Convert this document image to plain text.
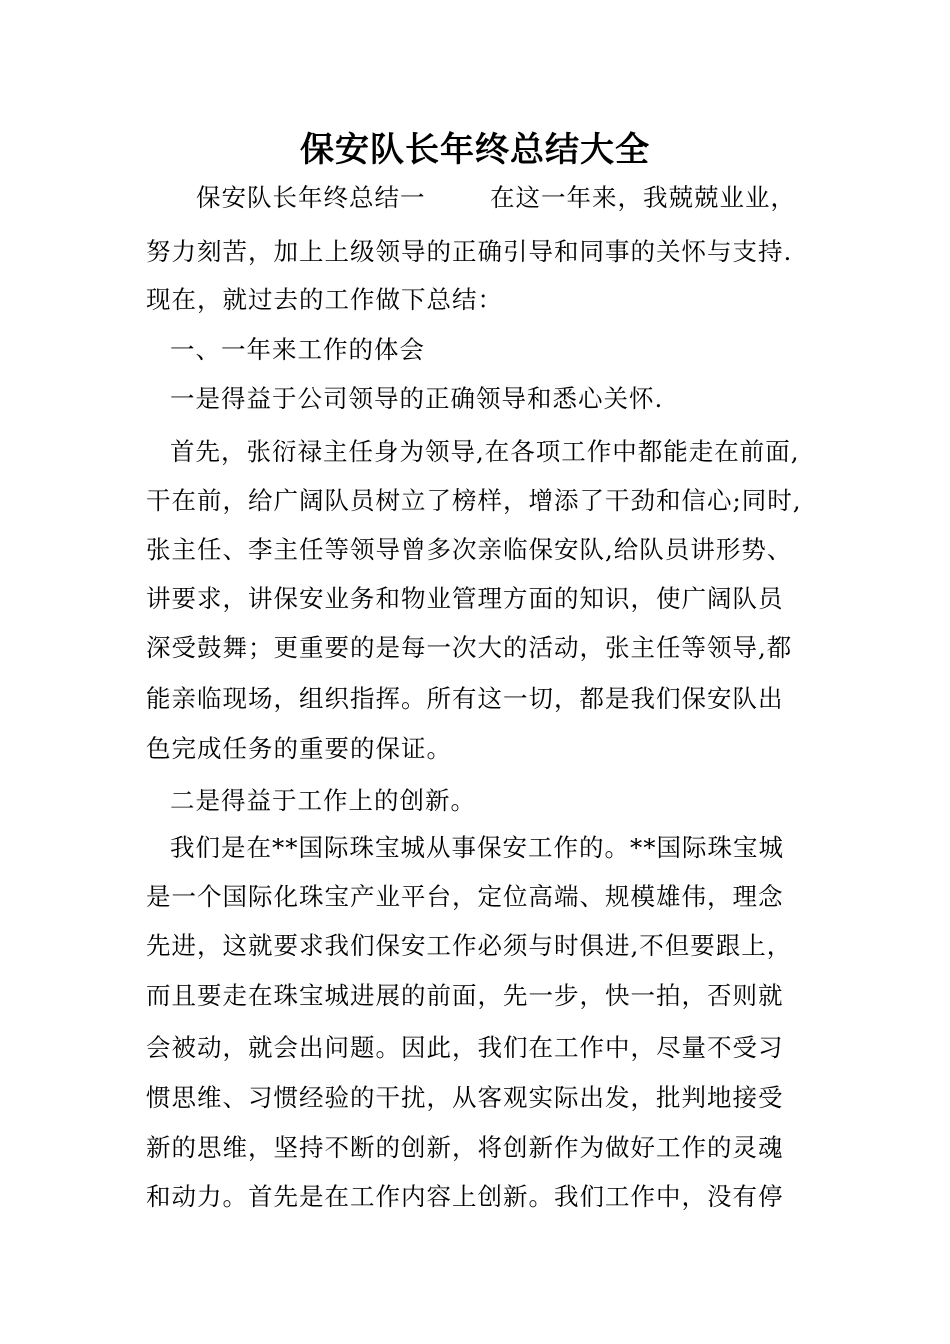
保安队长年终总结大全
保安队长年终总结一	在这一年来，我兢兢业业，
努力刻苦，加上上级领导的正确引导和同事的关怀与支持.
现在，就过去的工作做下总结：
一、一年来工作的体会
一是得益于公司领导的正确领导和悉心关怀.
首先，张衍禄主任身为领导,在各项工作中都能走在前面,
干在前，给广阔队员树立了榜样，增添了干劲和信心;同时,
张主任、李主任等领导曾多次亲临保安队,给队员讲形势、
讲要求，讲保安业务和物业管理方面的知识，使广阔队员
深受鼓舞；更重要的是每一次大的活动，张主任等领导,都
能亲临现场，组织指挥。所有这一切，都是我们保安队出
色完成任务的重要的保证。
二是得益于工作上的创新。
我们是在**国际珠宝城从事保安工作的。**国际珠宝城
是一个国际化珠宝产业平台，定位高端、规模雄伟，理念
先进，这就要求我们保安工作必须与时俱进,不但要跟上，
而且要走在珠宝城进展的前面，先一步，快一拍，否则就
会被动，就会出问题。因此，我们在工作中，尽量不受习
惯思维、习惯经验的干扰，从客观实际出发，批判地接受
新的思维，坚持不断的创新，将创新作为做好工作的灵魂
和动力。首先是在工作内容上创新。我们工作中，没有停
